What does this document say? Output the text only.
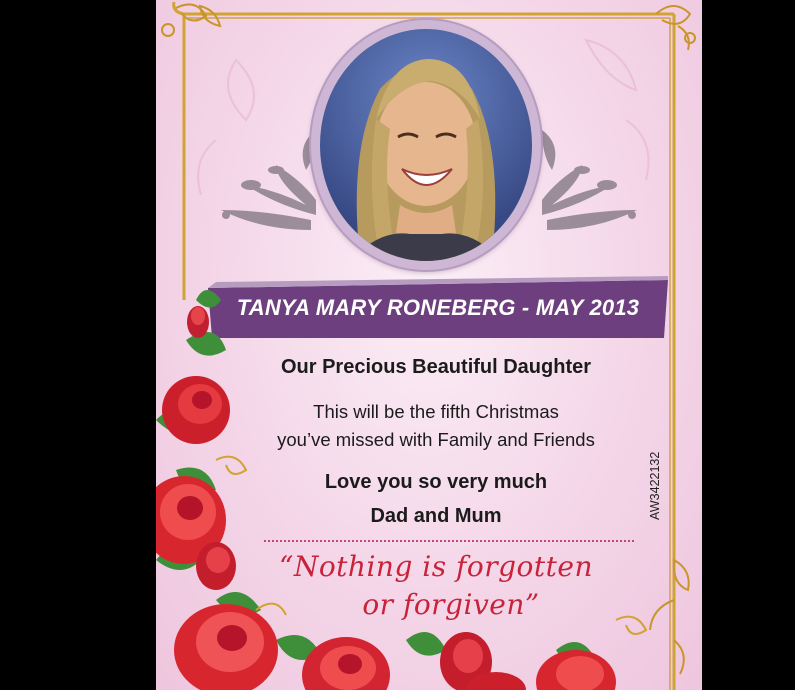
TANYA MARY RONEBERG - MAY 2013
Our Precious Beautiful Daughter
This will be the fifth Christmas
you’ve missed with Family and Friends
Love you so very much
Dad and Mum
“Nothing is forgotten
or forgiven”
AW3422132
